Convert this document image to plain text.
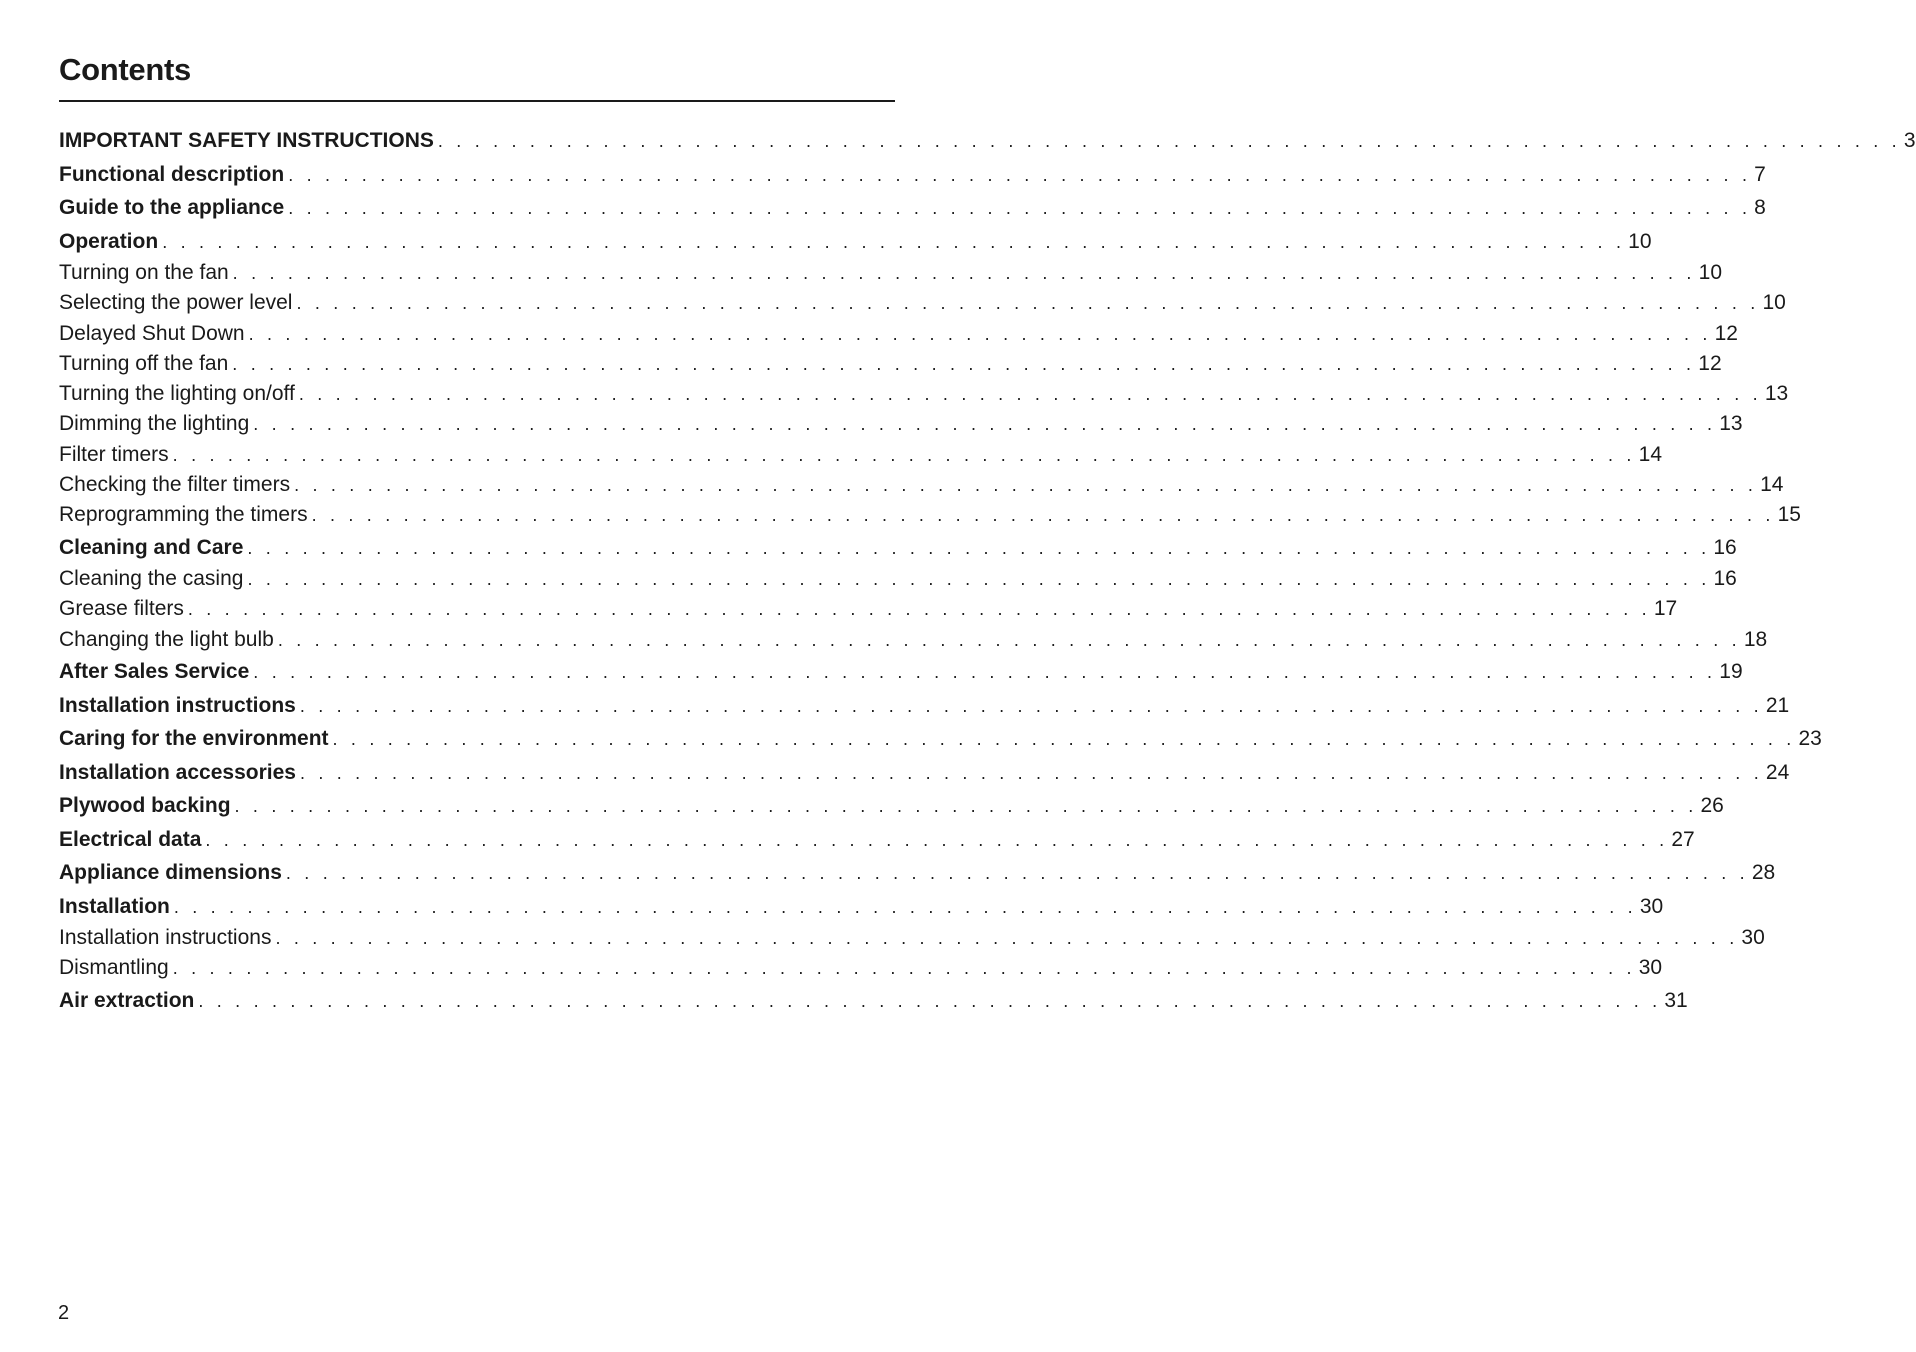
Contents
IMPORTANT SAFETY INSTRUCTIONS . . . . . . . . . . . . . . . . . . . . . . . . . . . . . . . . . . . . . . . . . . . . . . . . . . . . . . . . . . . . . . . . . . . . . . . . . . . . . . . . 3
Functional description . . . . . . . . . . . . . . . . . . . . . . . . . . . . . . . . . . . . . . . . . . . . . . . . . . . . . . . . . . . . . . . . . . . . . . . . . . . . . . . . 7
Guide to the appliance . . . . . . . . . . . . . . . . . . . . . . . . . . . . . . . . . . . . . . . . . . . . . . . . . . . . . . . . . . . . . . . . . . . . . . . . . . . . . . . . 8
Operation . . . . . . . . . . . . . . . . . . . . . . . . . . . . . . . . . . . . . . . . . . . . . . . . . . . . . . . . . . . . . . . . . . . . . . . . . . . . . . . . 10
Turning on the fan . . . . . . . . . . . . . . . . . . . . . . . . . . . . . . . . . . . . . . . . . . . . . . . . . . . . . . . . . . . . . . . . . . . . . . . . . . . . . . . . 10
Selecting the power level . . . . . . . . . . . . . . . . . . . . . . . . . . . . . . . . . . . . . . . . . . . . . . . . . . . . . . . . . . . . . . . . . . . . . . . . . . . . . . . . 10
Delayed Shut Down . . . . . . . . . . . . . . . . . . . . . . . . . . . . . . . . . . . . . . . . . . . . . . . . . . . . . . . . . . . . . . . . . . . . . . . . . . . . . . . . 12
Turning off the fan . . . . . . . . . . . . . . . . . . . . . . . . . . . . . . . . . . . . . . . . . . . . . . . . . . . . . . . . . . . . . . . . . . . . . . . . . . . . . . . . 12
Turning the lighting on/off . . . . . . . . . . . . . . . . . . . . . . . . . . . . . . . . . . . . . . . . . . . . . . . . . . . . . . . . . . . . . . . . . . . . . . . . . . . . . . . . 13
Dimming the lighting . . . . . . . . . . . . . . . . . . . . . . . . . . . . . . . . . . . . . . . . . . . . . . . . . . . . . . . . . . . . . . . . . . . . . . . . . . . . . . . . 13
Filter timers . . . . . . . . . . . . . . . . . . . . . . . . . . . . . . . . . . . . . . . . . . . . . . . . . . . . . . . . . . . . . . . . . . . . . . . . . . . . . . . . 14
Checking the filter timers . . . . . . . . . . . . . . . . . . . . . . . . . . . . . . . . . . . . . . . . . . . . . . . . . . . . . . . . . . . . . . . . . . . . . . . . . . . . . . . . 14
Reprogramming the timers . . . . . . . . . . . . . . . . . . . . . . . . . . . . . . . . . . . . . . . . . . . . . . . . . . . . . . . . . . . . . . . . . . . . . . . . . . . . . . . . 15
Cleaning and Care . . . . . . . . . . . . . . . . . . . . . . . . . . . . . . . . . . . . . . . . . . . . . . . . . . . . . . . . . . . . . . . . . . . . . . . . . . . . . . . . 16
Cleaning the casing . . . . . . . . . . . . . . . . . . . . . . . . . . . . . . . . . . . . . . . . . . . . . . . . . . . . . . . . . . . . . . . . . . . . . . . . . . . . . . . . 16
Grease filters . . . . . . . . . . . . . . . . . . . . . . . . . . . . . . . . . . . . . . . . . . . . . . . . . . . . . . . . . . . . . . . . . . . . . . . . . . . . . . . . 17
Changing the light bulb . . . . . . . . . . . . . . . . . . . . . . . . . . . . . . . . . . . . . . . . . . . . . . . . . . . . . . . . . . . . . . . . . . . . . . . . . . . . . . . . 18
After Sales Service . . . . . . . . . . . . . . . . . . . . . . . . . . . . . . . . . . . . . . . . . . . . . . . . . . . . . . . . . . . . . . . . . . . . . . . . . . . . . . . . 19
Installation instructions . . . . . . . . . . . . . . . . . . . . . . . . . . . . . . . . . . . . . . . . . . . . . . . . . . . . . . . . . . . . . . . . . . . . . . . . . . . . . . . . 21
Caring for the environment . . . . . . . . . . . . . . . . . . . . . . . . . . . . . . . . . . . . . . . . . . . . . . . . . . . . . . . . . . . . . . . . . . . . . . . . . . . . . . . . 23
Installation accessories . . . . . . . . . . . . . . . . . . . . . . . . . . . . . . . . . . . . . . . . . . . . . . . . . . . . . . . . . . . . . . . . . . . . . . . . . . . . . . . . 24
Plywood backing . . . . . . . . . . . . . . . . . . . . . . . . . . . . . . . . . . . . . . . . . . . . . . . . . . . . . . . . . . . . . . . . . . . . . . . . . . . . . . . . 26
Electrical data . . . . . . . . . . . . . . . . . . . . . . . . . . . . . . . . . . . . . . . . . . . . . . . . . . . . . . . . . . . . . . . . . . . . . . . . . . . . . . . . 27
Appliance dimensions . . . . . . . . . . . . . . . . . . . . . . . . . . . . . . . . . . . . . . . . . . . . . . . . . . . . . . . . . . . . . . . . . . . . . . . . . . . . . . . . 28
Installation . . . . . . . . . . . . . . . . . . . . . . . . . . . . . . . . . . . . . . . . . . . . . . . . . . . . . . . . . . . . . . . . . . . . . . . . . . . . . . . . 30
Installation instructions . . . . . . . . . . . . . . . . . . . . . . . . . . . . . . . . . . . . . . . . . . . . . . . . . . . . . . . . . . . . . . . . . . . . . . . . . . . . . . . . 30
Dismantling . . . . . . . . . . . . . . . . . . . . . . . . . . . . . . . . . . . . . . . . . . . . . . . . . . . . . . . . . . . . . . . . . . . . . . . . . . . . . . . . 30
Air extraction . . . . . . . . . . . . . . . . . . . . . . . . . . . . . . . . . . . . . . . . . . . . . . . . . . . . . . . . . . . . . . . . . . . . . . . . . . . . . . . . 31
2
